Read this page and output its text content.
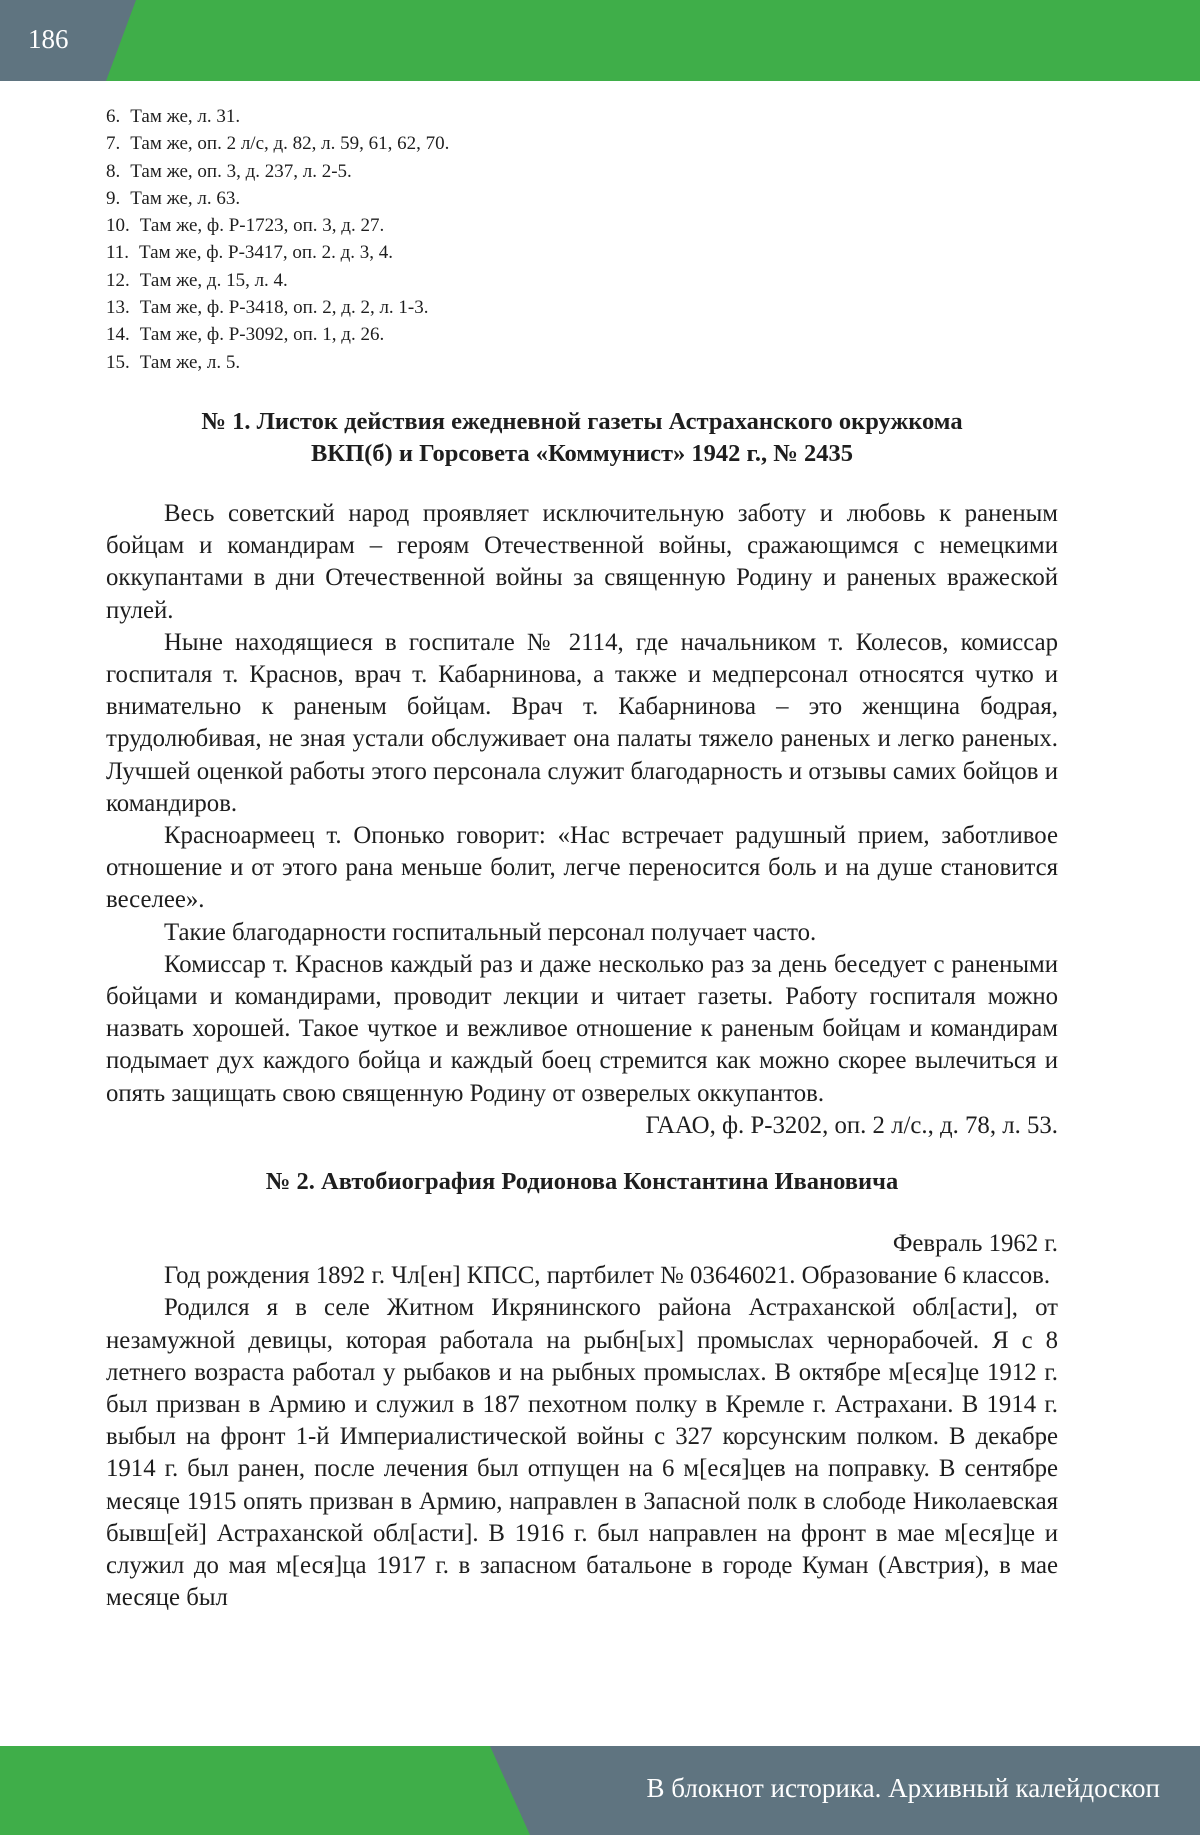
186
6. Там же, л. 31.
7. Там же, оп. 2 л/с, д. 82, л. 59, 61, 62, 70.
8. Там же, оп. 3, д. 237, л. 2-5.
9. Там же, л. 63.
10. Там же, ф. Р-1723, оп. 3, д. 27.
11. Там же, ф. Р-3417, оп. 2. д. 3, 4.
12. Там же, д. 15, л. 4.
13. Там же, ф. Р-3418, оп. 2, д. 2, л. 1-3.
14. Там же, ф. Р-3092, оп. 1, д. 26.
15. Там же, л. 5.
№ 1. Листок действия ежедневной газеты Астраханского окружкома
ВКП(б) и Горсовета «Коммунист» 1942 г., № 2435

Весь советский народ проявляет исключительную заботу и любовь к раненым бойцам и командирам – героям Отечественной войны, сражающимся с немецкими оккупантами в дни Отечественной войны за священную Родину и раненых вражеской пулей.

Ныне находящиеся в госпитале № 2114, где начальником т. Колесов, комиссар госпиталя т. Краснов, врач т. Кабарнинова, а также и медперсонал относятся чутко и внимательно к раненым бойцам. Врач т. Кабарнинова – это женщина бодрая, трудолюбивая, не зная устали обслуживает она палаты тяжело раненых и легко раненых. Лучшей оценкой работы этого персонала служит благодарность и отзывы самих бойцов и командиров.

Красноармеец т. Опонько говорит: «Нас встречает радушный прием, заботливое отношение и от этого рана меньше болит, легче переносится боль и на душе становится веселее».

Такие благодарности госпитальный персонал получает часто.

Комиссар т. Краснов каждый раз и даже несколько раз за день беседует с ранеными бойцами и командирами, проводит лекции и читает газеты. Работу госпиталя можно назвать хорошей. Такое чуткое и вежливое отношение к раненым бойцам и командирам подымает дух каждого бойца и каждый боец стремится как можно скорее вылечиться и опять защищать свою священную Родину от озверелых оккупантов.

ГААО, ф. Р-3202, оп. 2 л/с., д. 78, л. 53.

№ 2. Автобиография Родионова Константина Ивановича

Февраль 1962 г.

Год рождения 1892 г. Чл[ен] КПСС, партбилет № 03646021. Образование 6 классов.

Родился я в селе Житном Икрянинского района Астраханской обл[асти], от незамужной девицы, которая работала на рыбн[ых] промыслах чернорабочей. Я с 8 летнего возраста работал у рыбаков и на рыбных промыслах. В октябре м[еся]це 1912 г. был призван в Армию и служил в 187 пехотном полку в Кремле г. Астрахани. В 1914 г. выбыл на фронт 1-й Империалистической войны с 327 корсунским полком. В декабре 1914 г. был ранен, после лечения был отпущен на 6 м[еся]цев на поправку. В сентябре месяце 1915 опять призван в Армию, направлен в Запасной полк в слободе Николаевская бывш[ей] Астраханской обл[асти]. В 1916 г. был направлен на фронт в мае м[еся]це и служил до мая м[еся]ца 1917 г. в запасном батальоне в городе Куман (Австрия), в мае месяце был

В блокнот историка. Архивный калейдоскоп
